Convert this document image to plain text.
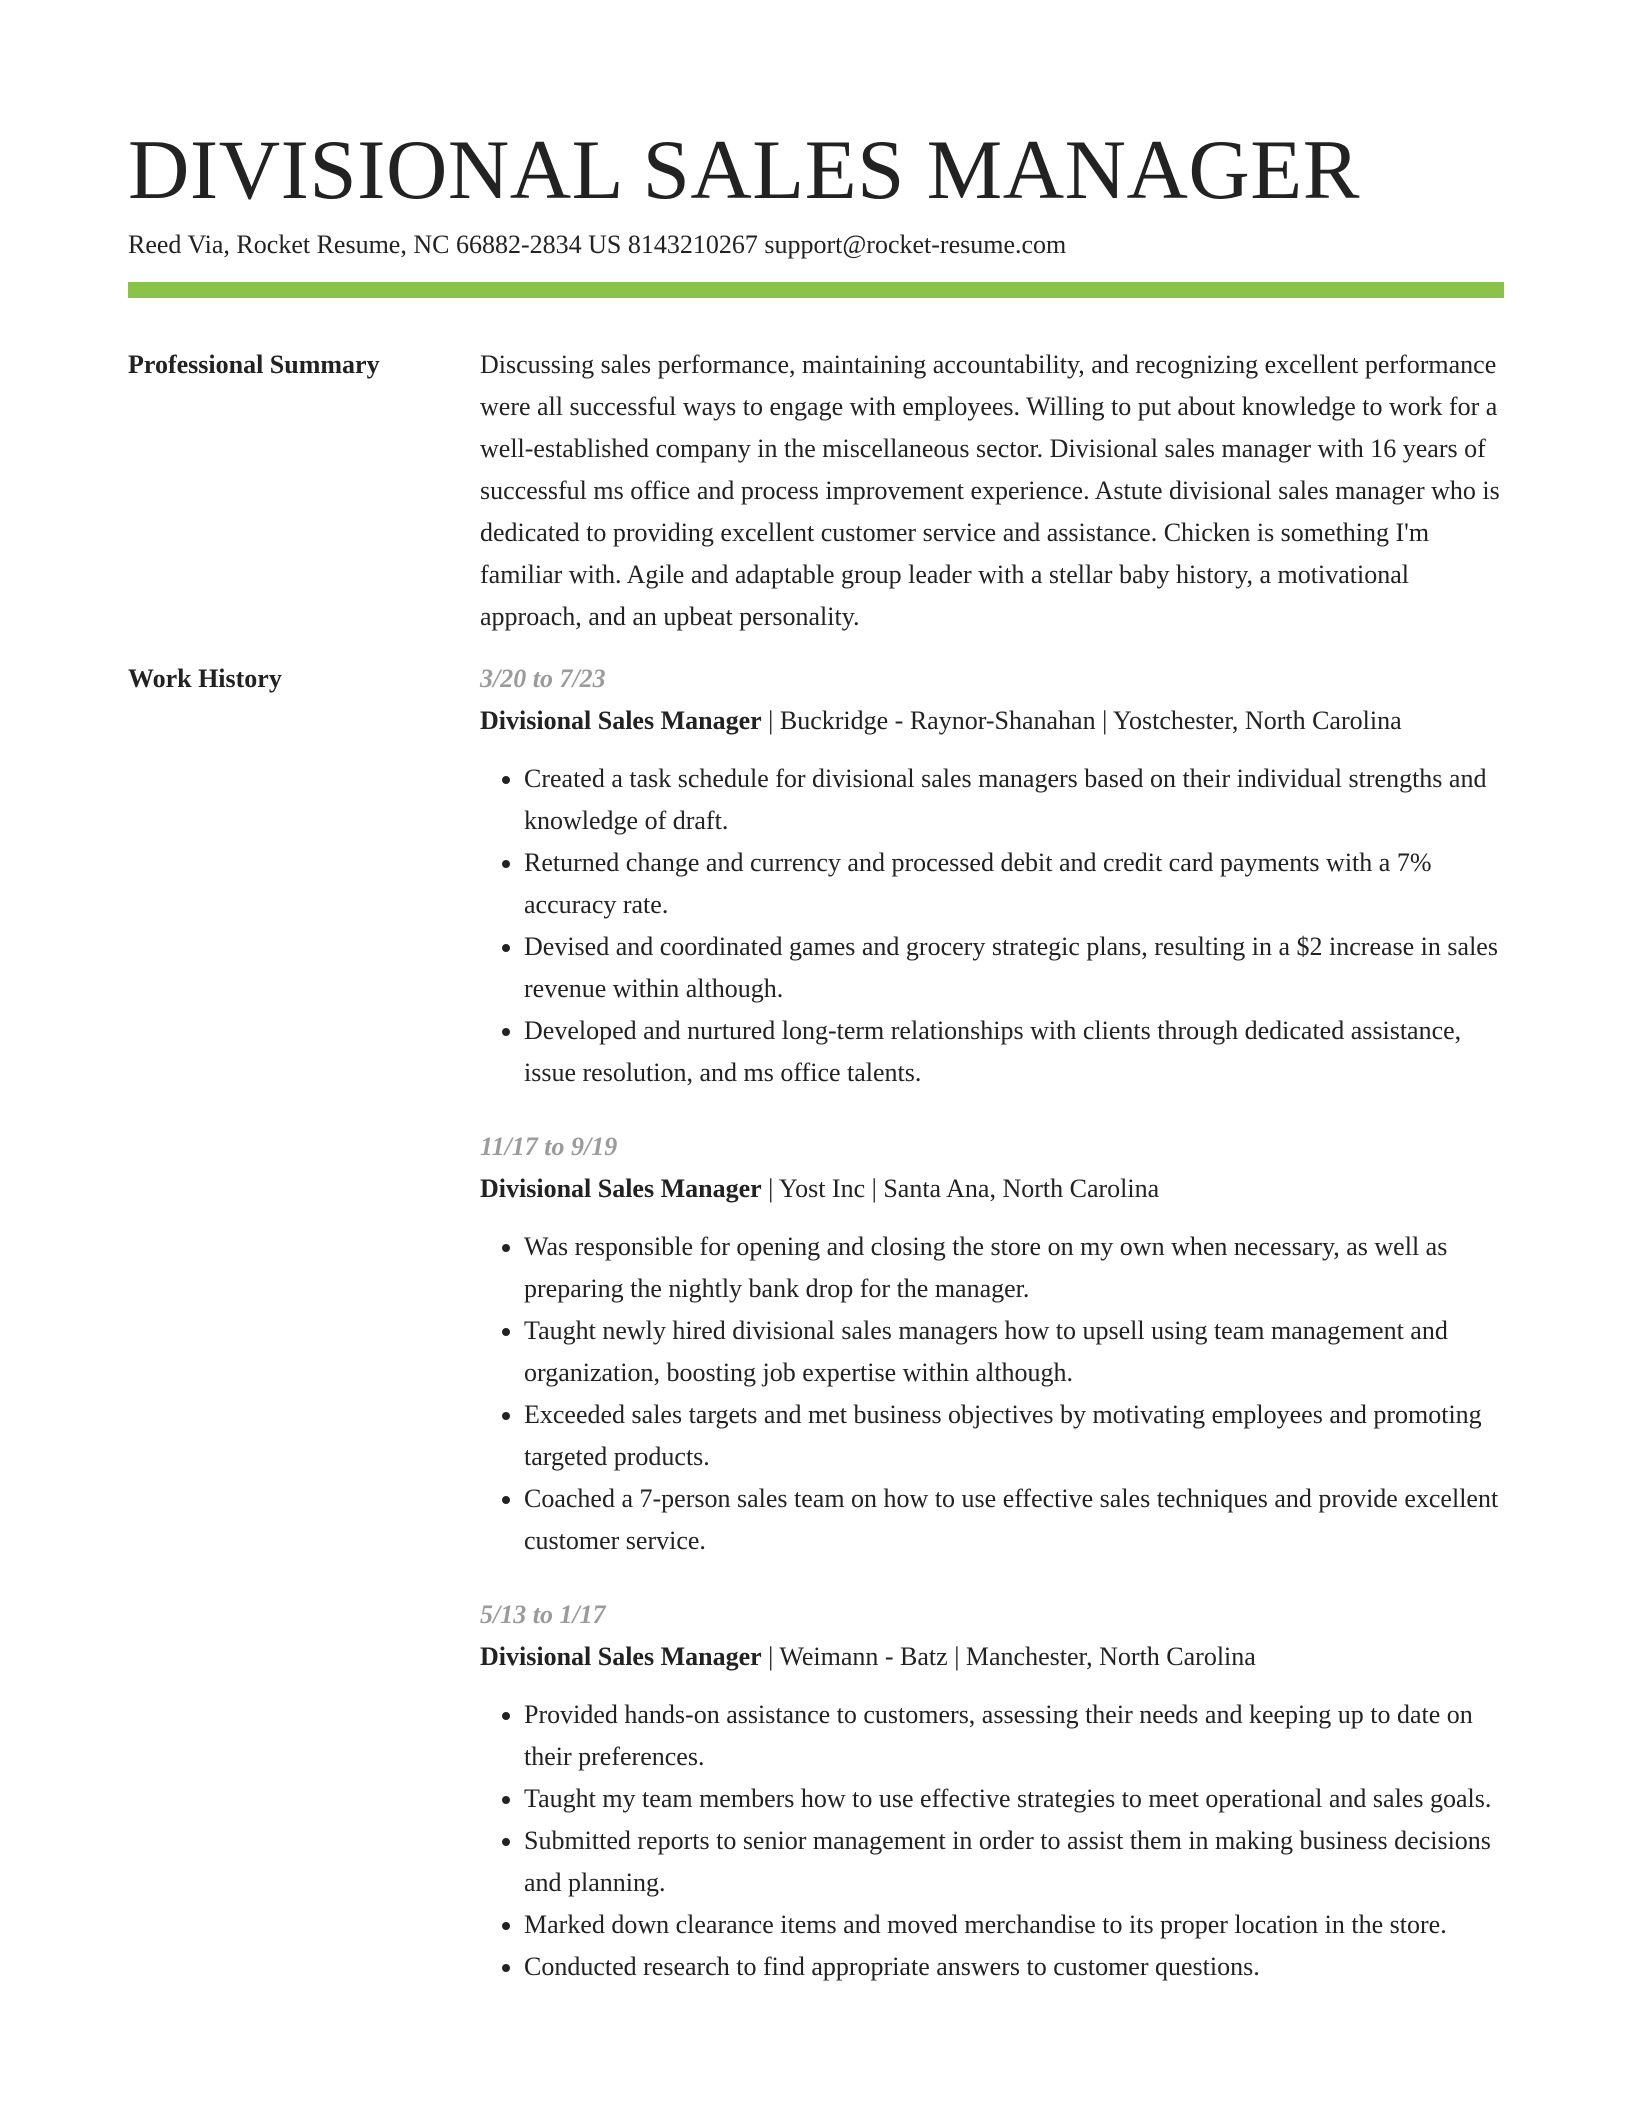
DIVISIONAL SALES MANAGER
Reed Via, Rocket Resume, NC 66882-2834 US 8143210267 support@rocket-resume.com
Professional Summary	Discussing sales performance, maintaining accountability, and recognizing excellent performance were all successful ways to engage with employees. Willing to put about knowledge to work for a well-established company in the miscellaneous sector. Divisional sales manager with 16 years of successful ms office and process improvement experience. Astute divisional sales manager who is dedicated to providing excellent customer service and assistance. Chicken is something I'm familiar with. Agile and adaptable group leader with a stellar baby history, a motivational approach, and an upbeat personality.

Work History	3/20 to 7/23
Divisional Sales Manager | Buckridge - Raynor-Shanahan | Yostchester, North Carolina
• Created a task schedule for divisional sales managers based on their individual strengths and knowledge of draft.
• Returned change and currency and processed debit and credit card payments with a 7% accuracy rate.
• Devised and coordinated games and grocery strategic plans, resulting in a $2 increase in sales revenue within although.
• Developed and nurtured long-term relationships with clients through dedicated assistance, issue resolution, and ms office talents.
11/17 to 9/19
Divisional Sales Manager | Yost Inc | Santa Ana, North Carolina
• Was responsible for opening and closing the store on my own when necessary, as well as preparing the nightly bank drop for the manager.
• Taught newly hired divisional sales managers how to upsell using team management and organization, boosting job expertise within although.
• Exceeded sales targets and met business objectives by motivating employees and promoting targeted products.
• Coached a 7-person sales team on how to use effective sales techniques and provide excellent customer service.
5/13 to 1/17
Divisional Sales Manager | Weimann - Batz | Manchester, North Carolina
• Provided hands-on assistance to customers, assessing their needs and keeping up to date on their preferences.
• Taught my team members how to use effective strategies to meet operational and sales goals.
• Submitted reports to senior management in order to assist them in making business decisions and planning.
• Marked down clearance items and moved merchandise to its proper location in the store.
• Conducted research to find appropriate answers to customer questions.
